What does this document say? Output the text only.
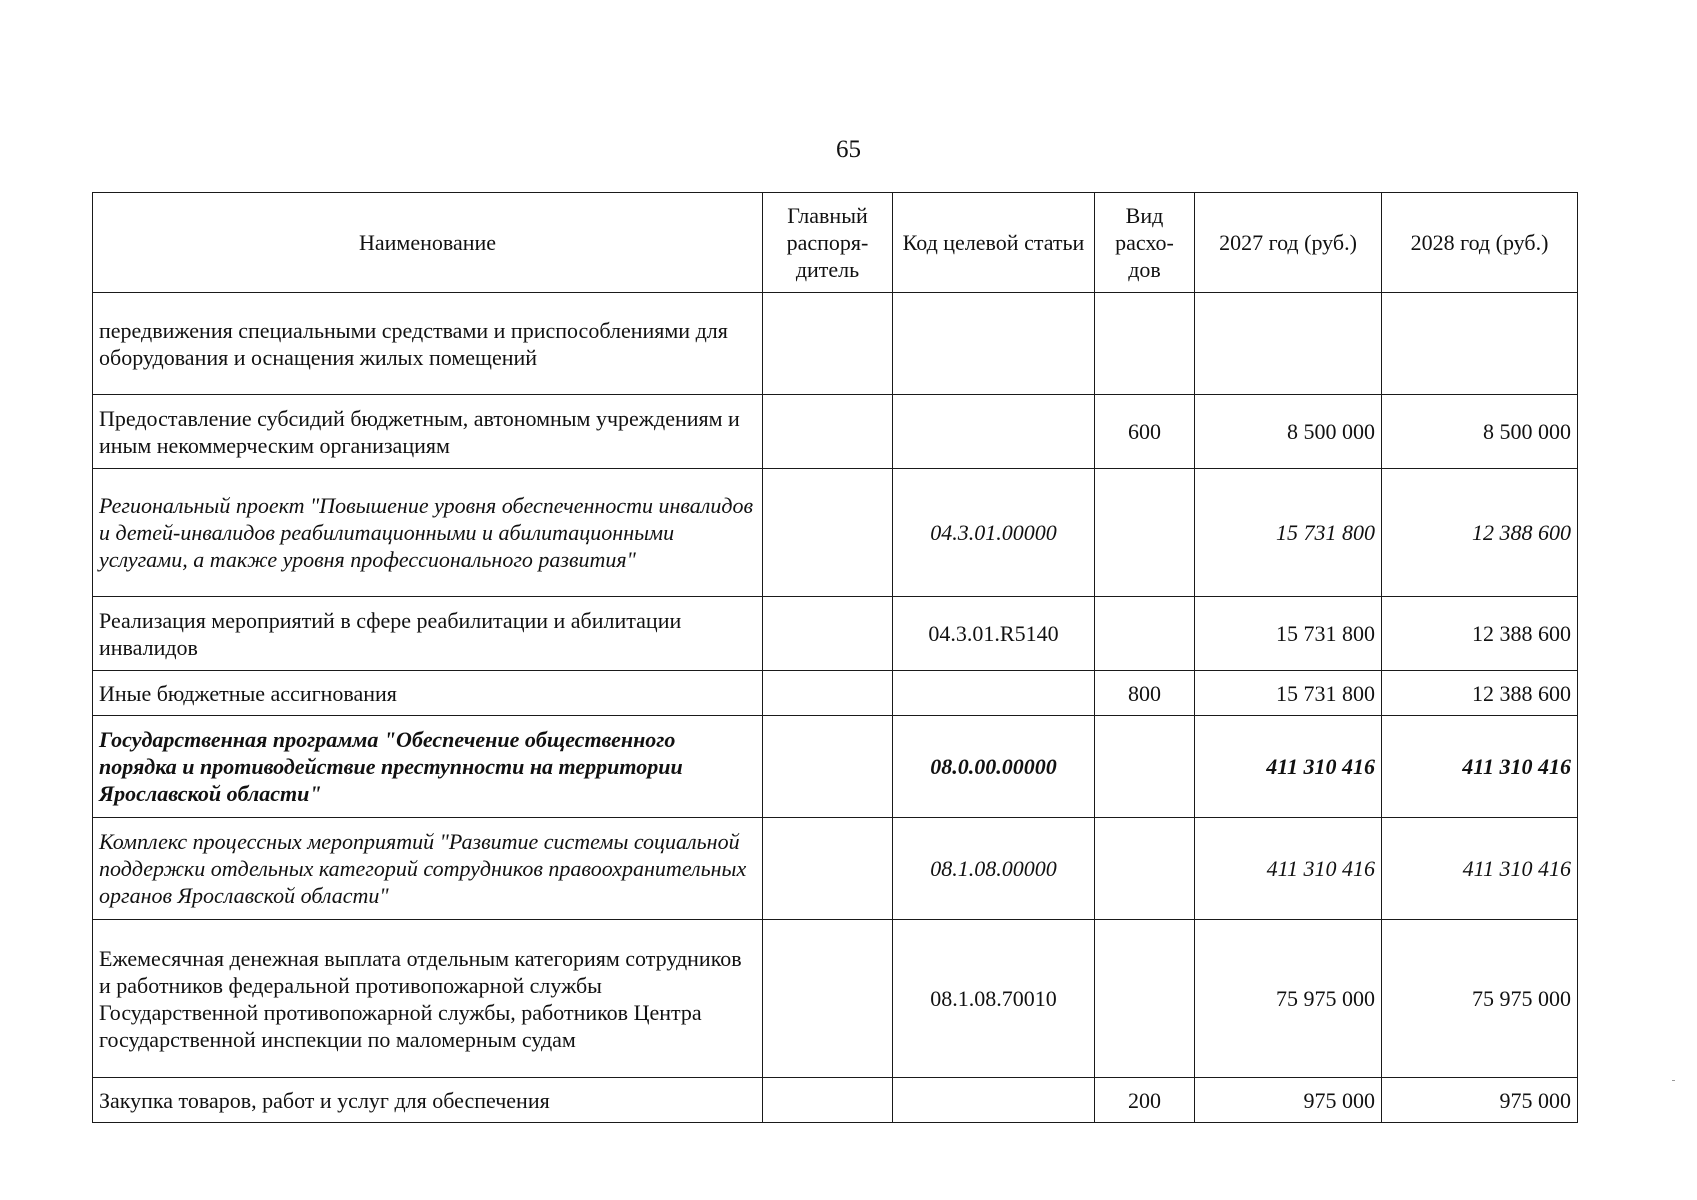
65
Наименование	Главный распоря-дитель	Код целевой статьи	Вид расхо-дов	2027 год (руб.)	2028 год (руб.)
передвижения специальными средствами и приспособлениями для оборудования и оснащения жилых помещений					
Предоставление субсидий бюджетным, автономным учреждениям и иным некоммерческим организациям			600	8 500 000	8 500 000
Региональный проект "Повышение уровня обеспеченности инвалидов и детей-инвалидов реабилитационными и абилитационными услугами, а также уровня профессионального развития"		04.3.01.00000		15 731 800	12 388 600
Реализация мероприятий в сфере реабилитации и абилитации инвалидов		04.3.01.R5140		15 731 800	12 388 600
Иные бюджетные ассигнования			800	15 731 800	12 388 600
Государственная программа "Обеспечение общественного порядка и противодействие преступности на территории Ярославской области"		08.0.00.00000		411 310 416	411 310 416
Комплекс процессных мероприятий "Развитие системы социальной поддержки отдельных категорий сотрудников правоохранительных органов Ярославской области"		08.1.08.00000		411 310 416	411 310 416
Ежемесячная денежная выплата отдельным категориям сотрудников и работников федеральной противопожарной службы Государственной противопожарной службы, работников Центра государственной инспекции по маломерным судам		08.1.08.70010		75 975 000	75 975 000
Закупка товаров, работ и услуг для обеспечения			200	975 000	975 000
